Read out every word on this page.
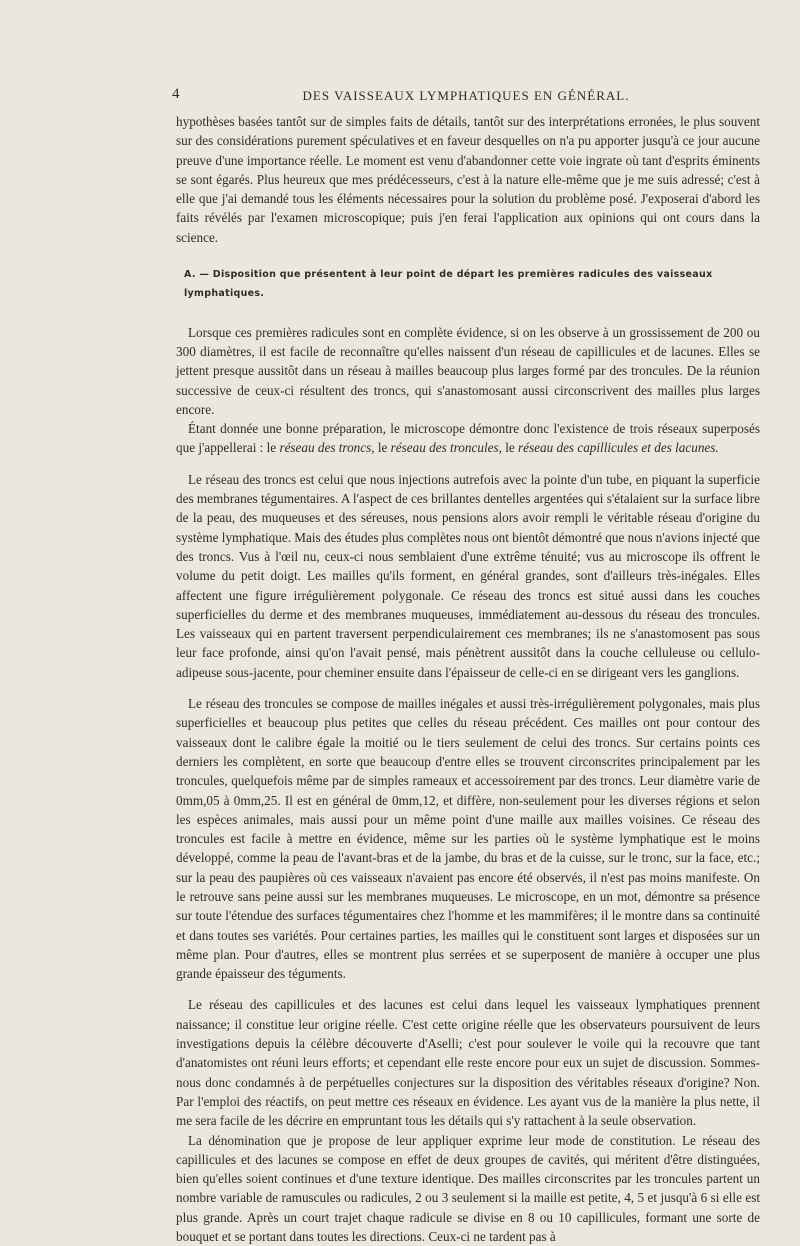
4	DES VAISSEAUX LYMPHATIQUES EN GÉNÉRAL.

hypothèses basées tantôt sur de simples faits de détails, tantôt sur des interprétations erronées, le plus souvent sur des considérations purement spéculatives et en faveur desquelles on n'a pu apporter jusqu'à ce jour aucune preuve d'une importance réelle. Le moment est venu d'abandonner cette voie ingrate où tant d'esprits éminents se sont égarés. Plus heureux que mes prédécesseurs, c'est à la nature elle-même que je me suis adressé; c'est à elle que j'ai demandé tous les éléments nécessaires pour la solution du problème posé. J'exposerai d'abord les faits révélés par l'examen microscopique; puis j'en ferai l'application aux opinions qui ont cours dans la science.

A. — Disposition que présentent à leur point de départ les premières radicules des vaisseaux lymphatiques.

Lorsque ces premières radicules sont en complète évidence, si on les observe à un grossissement de 200 ou 300 diamètres, il est facile de reconnaître qu'elles naissent d'un réseau de capillicules et de lacunes. Elles se jettent presque aussitôt dans un réseau à mailles beaucoup plus larges formé par des troncules. De la réunion successive de ceux-ci résultent des troncs, qui s'anastomosant aussi circonscrivent des mailles plus larges encore.

Étant donnée une bonne préparation, le microscope démontre donc l'existence de trois réseaux superposés que j'appellerai : le réseau des troncs, le réseau des troncules, le réseau des capillicules et des lacunes.

Le réseau des troncs est celui que nous injections autrefois avec la pointe d'un tube, en piquant la superficie des membranes tégumentaires. A l'aspect de ces brillantes dentelles argentées qui s'étalaient sur la surface libre de la peau, des muqueuses et des séreuses, nous pensions alors avoir rempli le véritable réseau d'origine du système lymphatique. Mais des études plus complètes nous ont bientôt démontré que nous n'avions injecté que des troncs. Vus à l'œil nu, ceux-ci nous semblaient d'une extrême ténuité; vus au microscope ils offrent le volume du petit doigt. Les mailles qu'ils forment, en général grandes, sont d'ailleurs très-inégales. Elles affectent une figure irrégulièrement polygonale. Ce réseau des troncs est situé aussi dans les couches superficielles du derme et des membranes muqueuses, immédiatement au-dessous du réseau des troncules. Les vaisseaux qui en partent traversent perpendiculairement ces membranes; ils ne s'anastomosent pas sous leur face profonde, ainsi qu'on l'avait pensé, mais pénètrent aussitôt dans la couche celluleuse ou cellulo-adipeuse sous-jacente, pour cheminer ensuite dans l'épaisseur de celle-ci en se dirigeant vers les ganglions.

Le réseau des troncules se compose de mailles inégales et aussi très-irrégulièrement polygonales, mais plus superficielles et beaucoup plus petites que celles du réseau précédent. Ces mailles ont pour contour des vaisseaux dont le calibre égale la moitié ou le tiers seulement de celui des troncs. Sur certains points ces derniers les complètent, en sorte que beaucoup d'entre elles se trouvent circonscrites principalement par les troncules, quelquefois même par de simples rameaux et accessoirement par des troncs. Leur diamètre varie de 0mm,05 à 0mm,25. Il est en général de 0mm,12, et diffère, non-seulement pour les diverses régions et selon les espèces animales, mais aussi pour un même point d'une maille aux mailles voisines. Ce réseau des troncules est facile à mettre en évidence, même sur les parties où le système lymphatique est le moins développé, comme la peau de l'avant-bras et de la jambe, du bras et de la cuisse, sur le tronc, sur la face, etc.; sur la peau des paupières où ces vaisseaux n'avaient pas encore été observés, il n'est pas moins manifeste. On le retrouve sans peine aussi sur les membranes muqueuses. Le microscope, en un mot, démontre sa présence sur toute l'étendue des surfaces tégumentaires chez l'homme et les mammifères; il le montre dans sa continuité et dans toutes ses variétés. Pour certaines parties, les mailles qui le constituent sont larges et disposées sur un même plan. Pour d'autres, elles se montrent plus serrées et se superposent de manière à occuper une plus grande épaisseur des téguments.

Le réseau des capillicules et des lacunes est celui dans lequel les vaisseaux lymphatiques prennent naissance; il constitue leur origine réelle. C'est cette origine réelle que les observateurs poursuivent de leurs investigations depuis la célèbre découverte d'Aselli; c'est pour soulever le voile qui la recouvre que tant d'anatomistes ont réuni leurs efforts; et cependant elle reste encore pour eux un sujet de discussion. Sommes-nous donc condamnés à de perpétuelles conjectures sur la disposition des véritables réseaux d'origine? Non. Par l'emploi des réactifs, on peut mettre ces réseaux en évidence. Les ayant vus de la manière la plus nette, il me sera facile de les décrire en empruntant tous les détails qui s'y rattachent à la seule observation.

La dénomination que je propose de leur appliquer exprime leur mode de constitution. Le réseau des capillicules et des lacunes se compose en effet de deux groupes de cavités, qui méritent d'être distinguées, bien qu'elles soient continues et d'une texture identique. Des mailles circonscrites par les troncules partent un nombre variable de ramuscules ou radicules, 2 ou 3 seulement si la maille est petite, 4, 5 et jusqu'à 6 si elle est plus grande. Après un court trajet chaque radicule se divise en 8 ou 10 capillicules, formant une sorte de bouquet et se portant dans toutes les directions. Ceux-ci ne tardent pas à
